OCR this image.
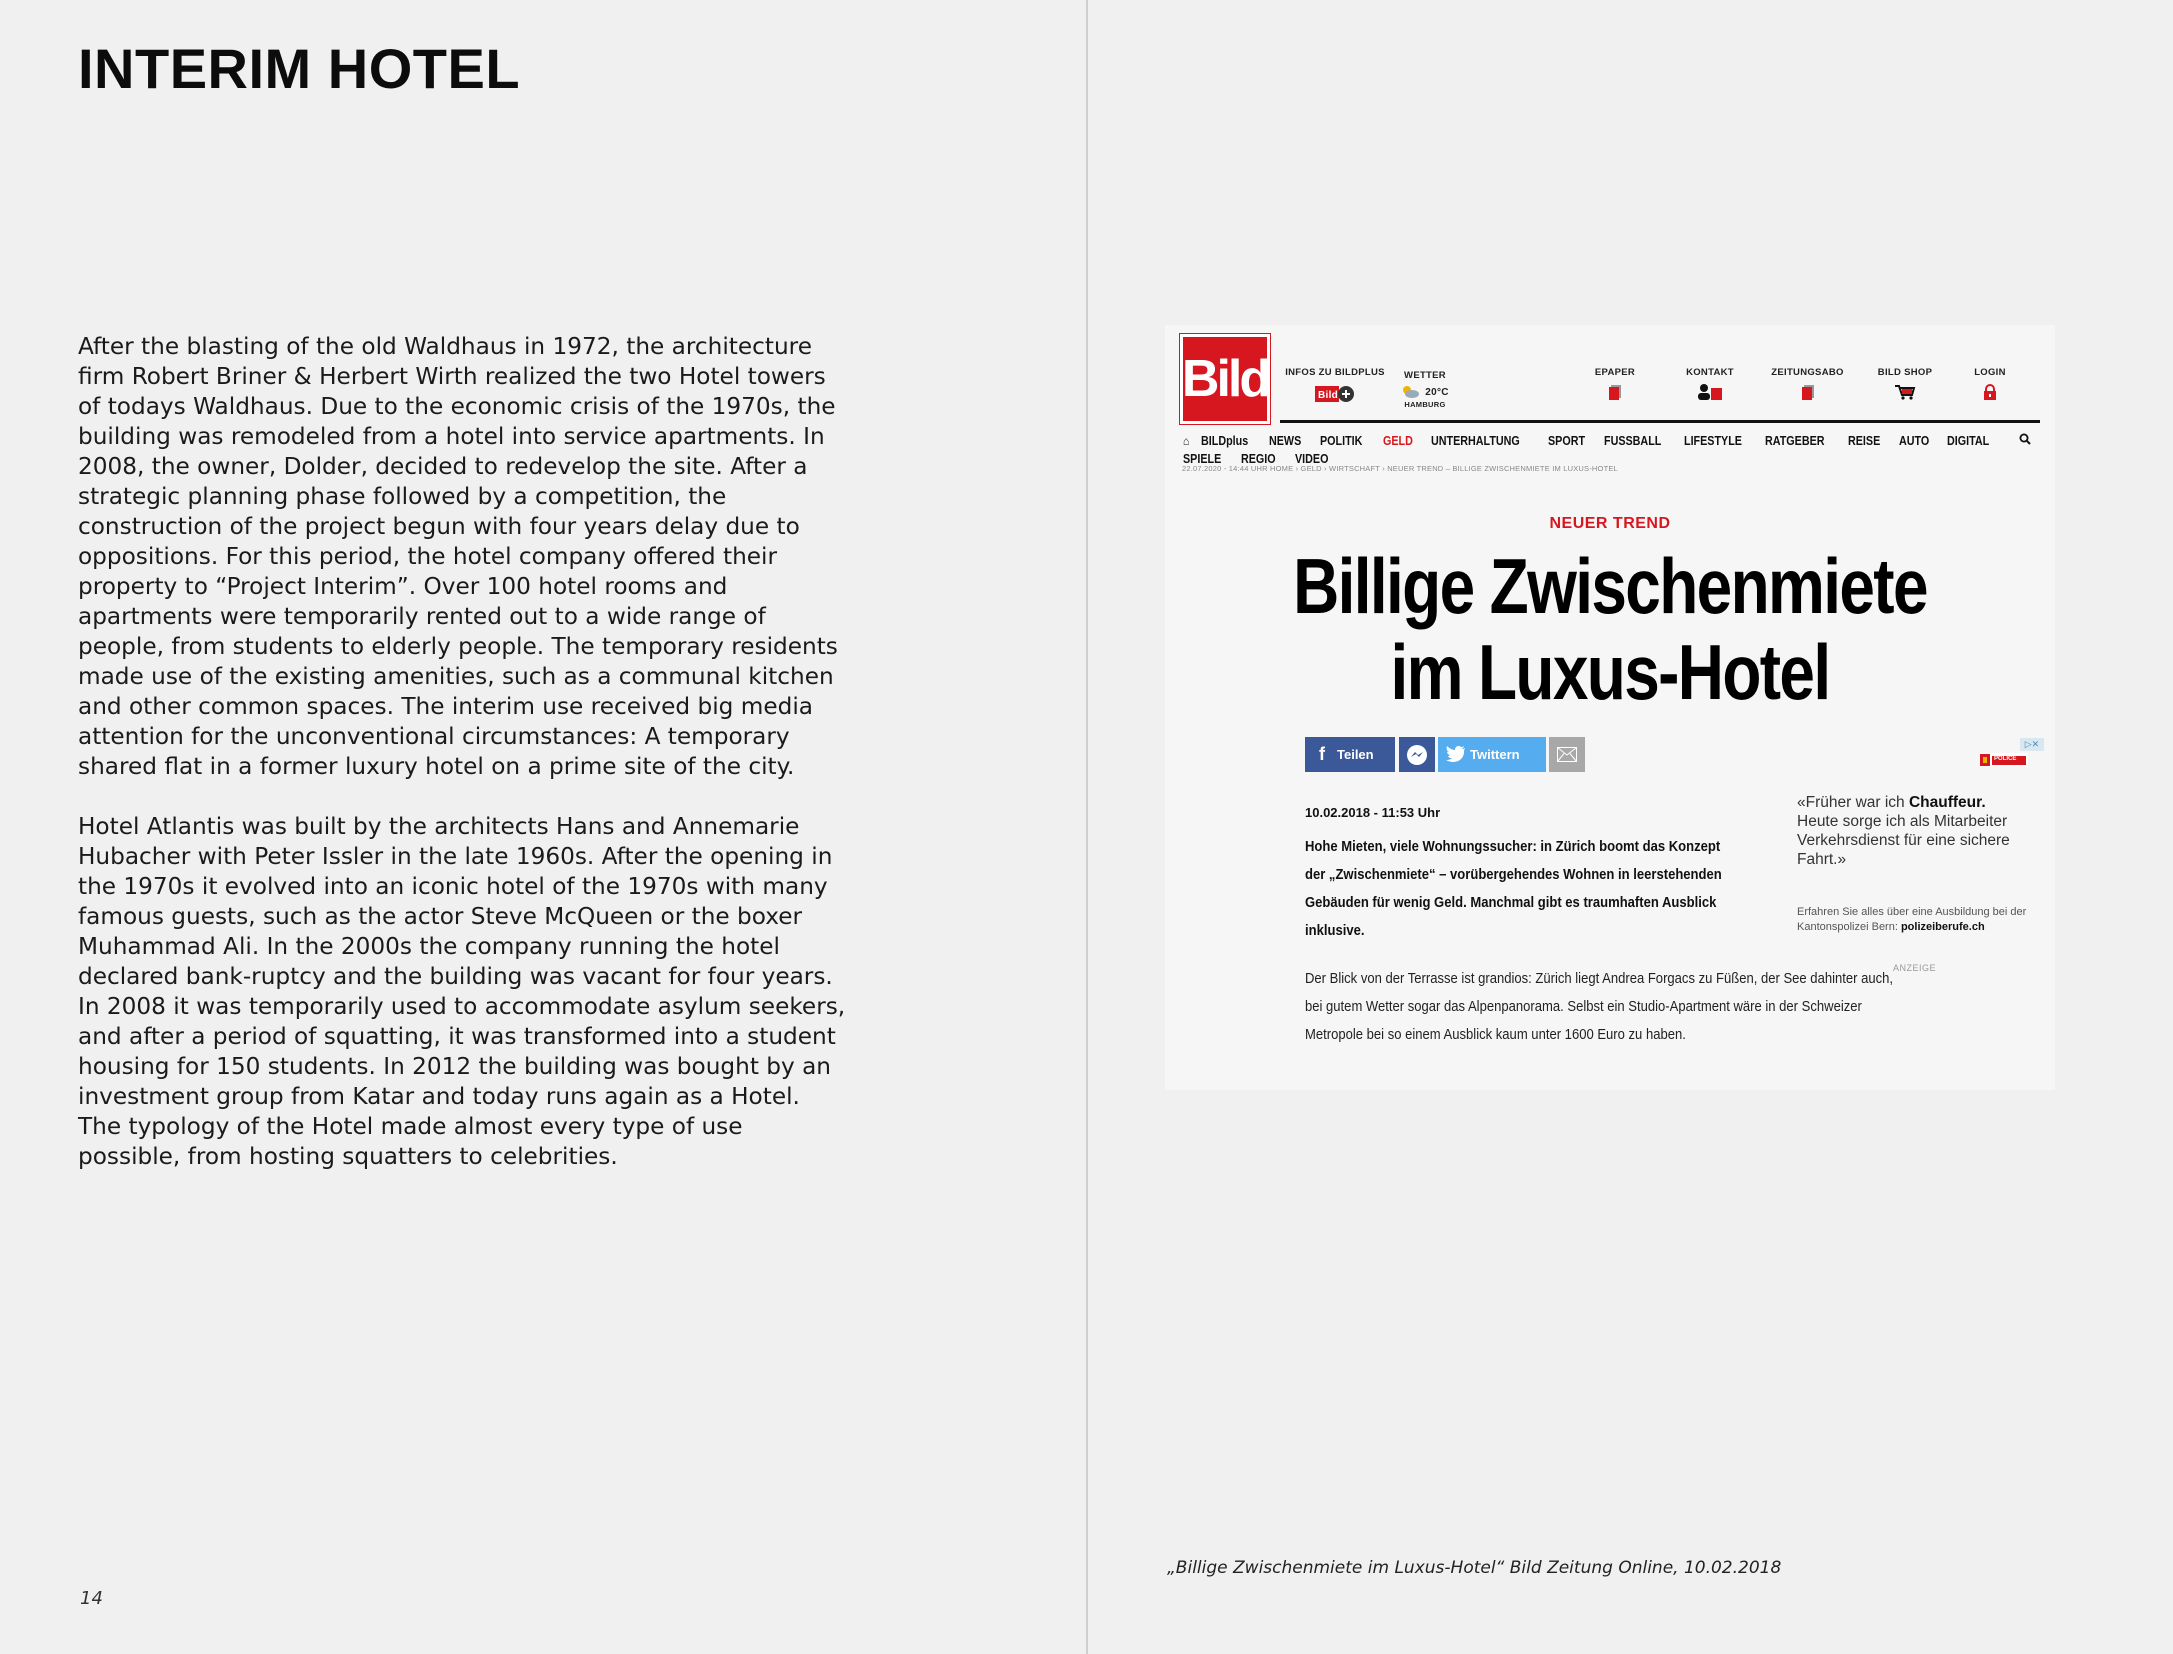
INTERIM HOTEL

After the blasting of the old Waldhaus in 1972, the architecture firm Robert Briner & Herbert Wirth realized the two Hotel towers of todays Waldhaus. Due to the economic crisis of the 1970s, the building was remodeled from a hotel into service apartments. In 2008, the owner, Dolder, decided to redevelop the site. After a strategic planning phase followed by a competition, the construction of the project begun with four years delay due to oppositions. For this period, the hotel company offered their property to “Project Interim”. Over 100 hotel rooms and apartments were temporarily rented out to a wide range of people, from students to elderly people. The temporary residents made use of the existing amenities, such as a communal kitchen and other common spaces. The interim use received big media attention for the unconventional circumstances: A temporary shared flat in a former luxury hotel on a prime site of the city.

Hotel Atlantis was built by the architects Hans and Annemarie Hubacher with Peter Issler in the late 1960s. After the opening in the 1970s it evolved into an iconic hotel of the 1970s with many famous guests, such as the actor Steve McQueen or the boxer Muhammad Ali. In the 2000s the company running the hotel declared bank-ruptcy and the building was vacant for four years. In 2008 it was temporarily used to accommodate asylum seekers, and after a period of squatting, it was transformed into a student housing for 150 students. In 2012 the building was bought by an investment group from Katar and today runs again as a Hotel. The typology of the Hotel made almost every type of use possible, from hosting squatters to celebrities.

14
Bild	INFOS ZU BILDPLUS
Bild
WETTER
20°C
HAMBURG
EPAPER	KONTAKT	ZEITUNGSABO	BILD SHOP	LOGIN
⌂ BILDplus NEWS POLITIK GELD UNTERHALTUNG SPORT FUSSBALL LIFESTYLE RATGEBER REISE AUTO DIGITAL SPIELE REGIO VIDEO
22.07.2020 - 14:44 UHR HOME › GELD › WIRTSCHAFT › NEUER TREND – BILLIGE ZWISCHENMIETE IM LUXUS-HOTEL
NEUER TREND
Billige Zwischenmiete
im Luxus-Hotel
f Teilen	Twittern
▷✕
POLICE
10.02.2018 - 11:53 Uhr
Hohe Mieten, viele Wohnungssucher: in Zürich boomt das Konzept der „Zwischenmiete“ – vorübergehendes Wohnen in leerstehenden Gebäuden für wenig Geld. Manchmal gibt es traumhaften Ausblick inklusive.
Der Blick von der Terrasse ist grandios: Zürich liegt Andrea Forgacs zu Füßen, der See dahinter auch, bei gutem Wetter sogar das Alpenpanorama. Selbst ein Studio-Apartment wäre in der Schweizer Metropole bei so einem Ausblick kaum unter 1600 Euro zu haben.
«Früher war ich Chauffeur.
Heute sorge ich als Mitarbeiter Verkehrsdienst für eine sichere Fahrt.»
Erfahren Sie alles über eine Ausbildung bei der Kantonspolizei Bern: polizeiberufe.ch
ANZEIGE
„Billige Zwischenmiete im Luxus-Hotel“ Bild Zeitung Online, 10.02.2018
